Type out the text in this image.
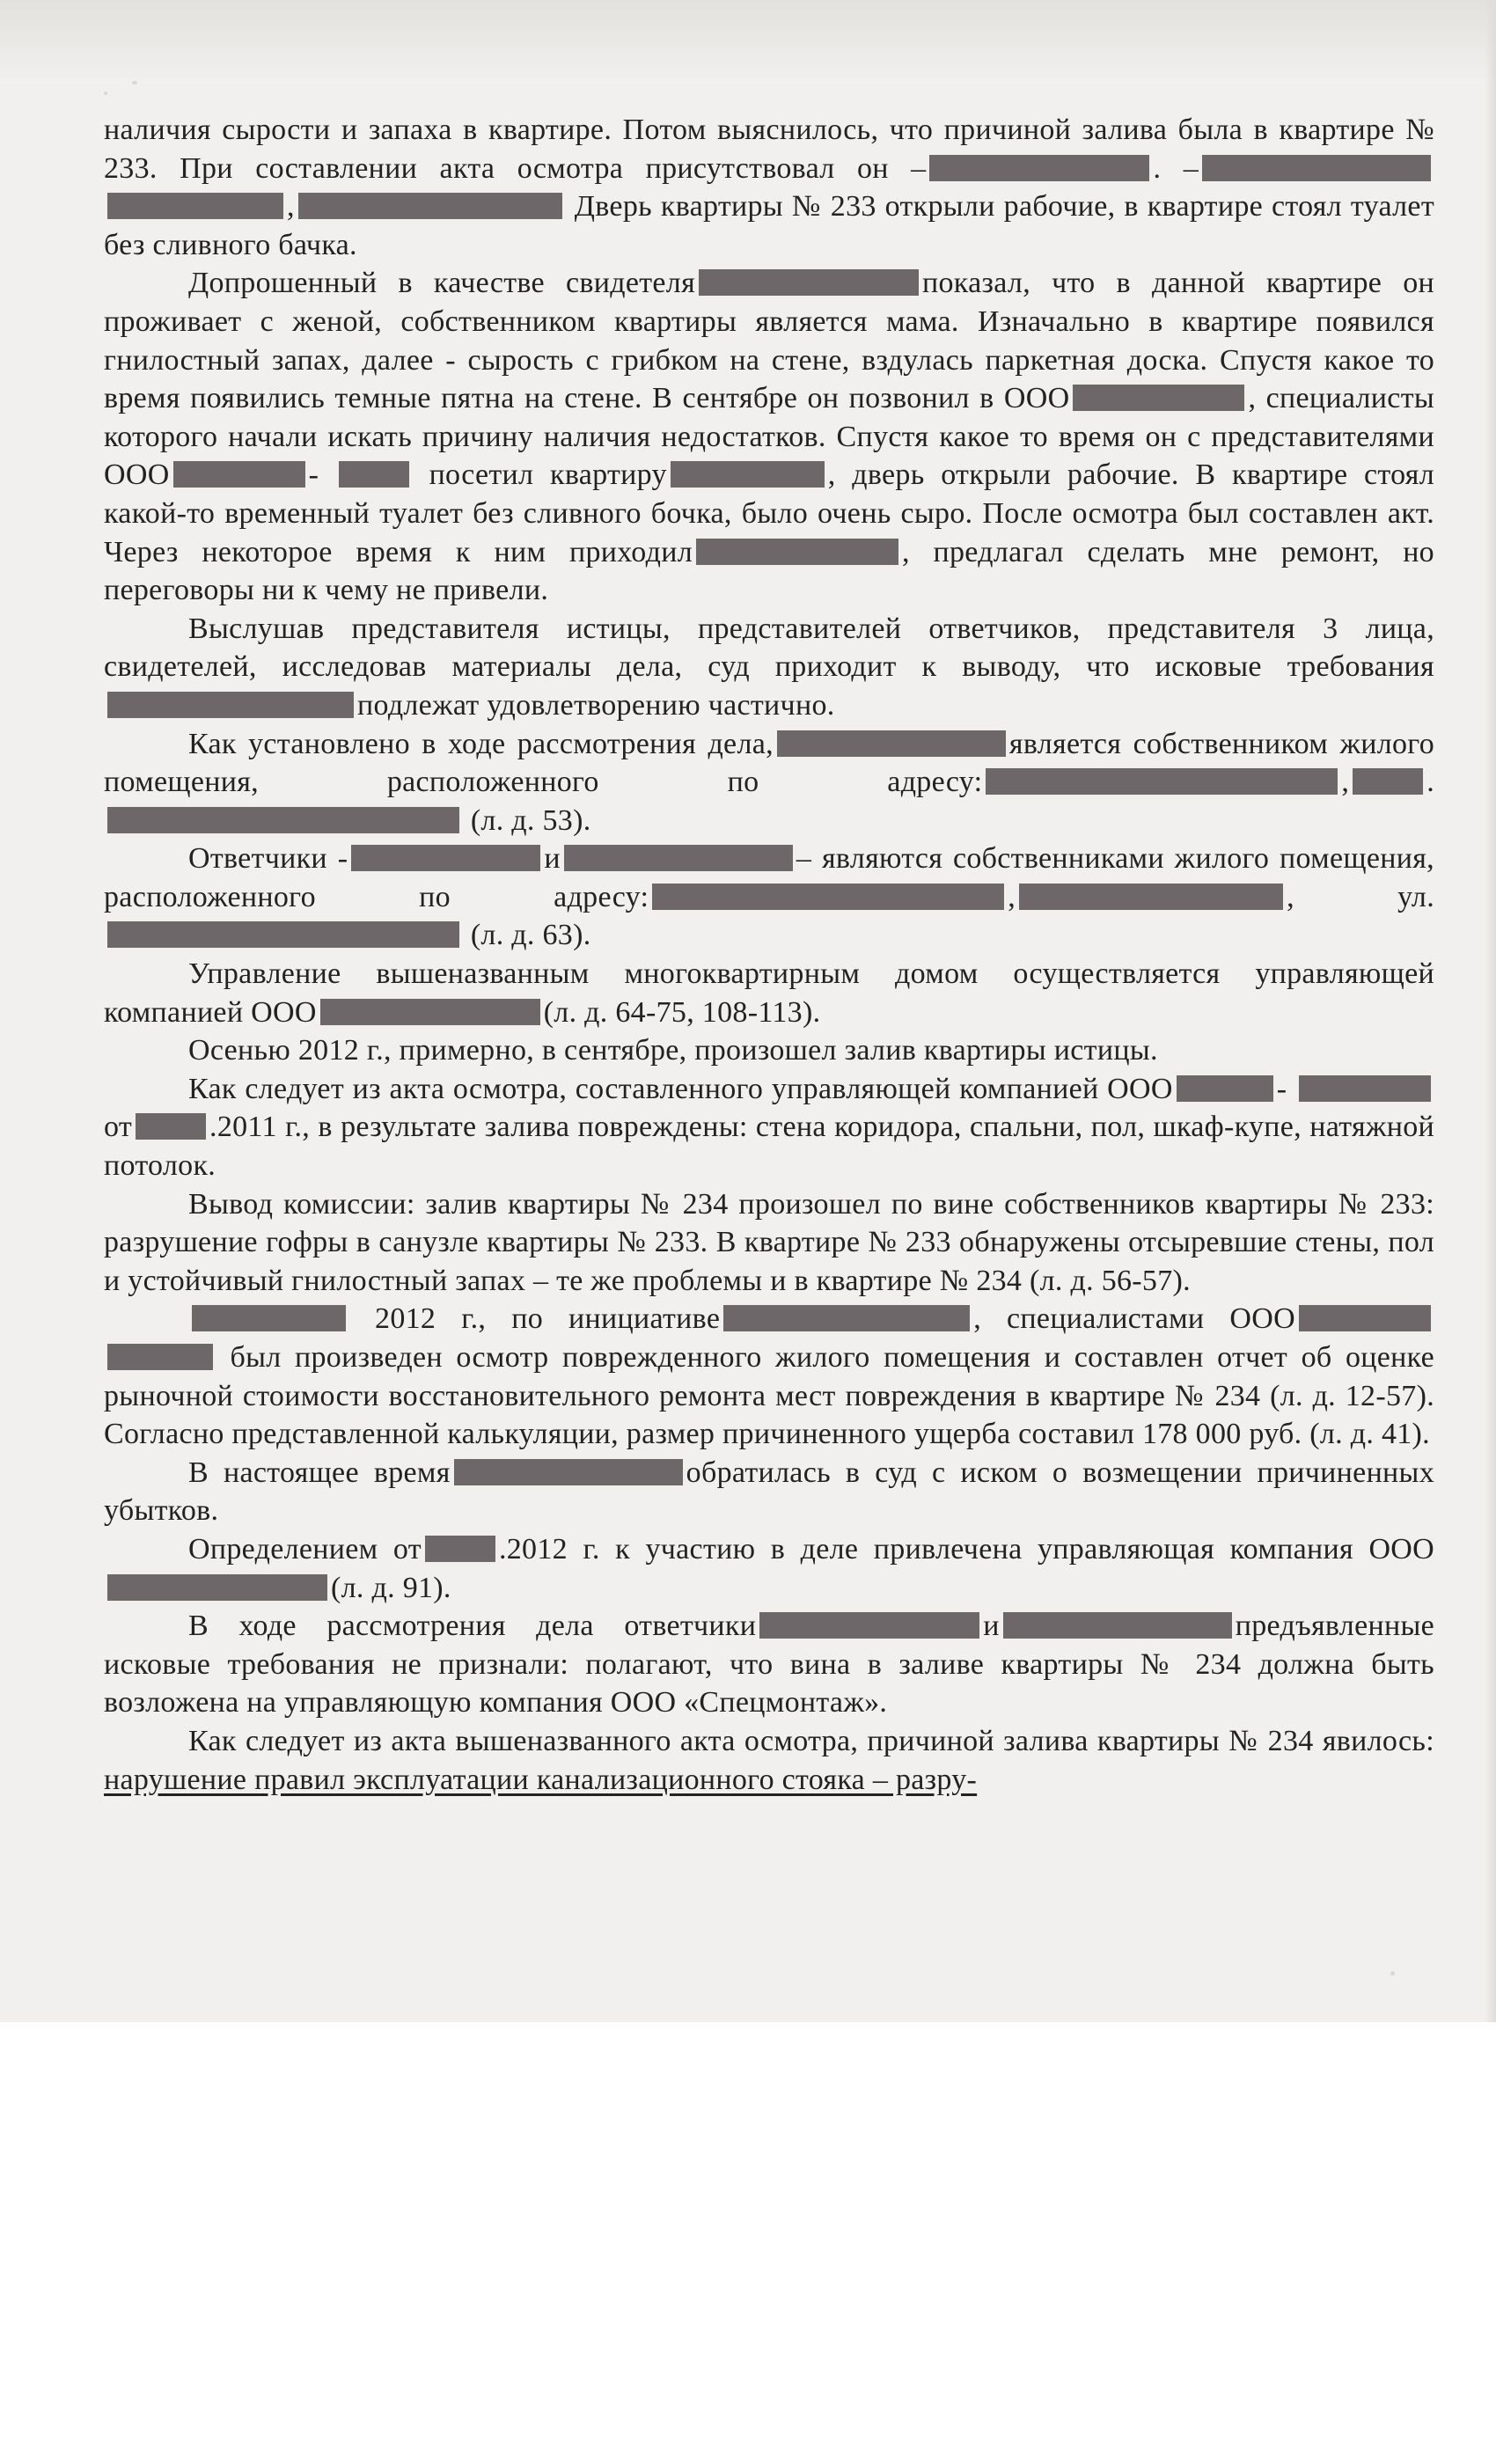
наличия сырости и запаха в квартире. Потом выяснилось, что причиной залива была в квартире № 233. При составлении акта осмотра присутствовал он –	. –,	Дверь квартиры № 233 открыли рабочие, в квартире стоял туалет без сливного бачка.

Допрошенный в качестве свидетеля	показал, что в данной квартире он проживает с женой, собственником квартиры является мама. Изначально в квартире появился гнилостный запах, далее - сырость с грибком на стене, вздулась паркетная доска. Спустя какое то время появились темные пятна на стене. В сентябре он позвонил в ООО	, специалисты которого начали искать причину наличия недостатков. Спустя какое то время он с представителями ООО	-	посетил квартиру	, дверь открыли рабочие. В квартире стоял какой-то временный туалет без сливного бочка, было очень сыро. После осмотра был составлен акт. Через некоторое время к ним приходил	, предлагал сделать мне ремонт, но переговоры ни к чему не привели.

Выслушав представителя истицы, представителей ответчиков, представителя 3 лица, свидетелей, исследовав материалы дела, суд приходит к выводу, что исковые требованияподлежат удовлетворению частично.

Как установлено в ходе рассмотрения дела,	является собственником жилого помещения, расположенного по адресу:	,	.  (л. д. 53).

Ответчики -	и	– являются собственниками жилого помещения, расположенного по адресу:	,	, ул. (л. д. 63).

Управление вышеназванным многоквартирным домом осуществляется управляющей компанией ООО	(л. д. 64-75, 108-113).

Осенью 2012 г., примерно, в сентябре, произошел залив квартиры истицы.

Как следует из акта осмотра, составленного управляющей компанией ООО	-  от	.2011 г., в результате залива повреждены: стена коридора, спальни, пол, шкаф-купе, натяжной потолок.

Вывод комиссии: залив квартиры № 234 произошел по вине собственников квартиры № 233: разрушение гофры в санузле квартиры № 233. В квартире № 233 обнаружены отсыревшие стены, пол и устойчивый гнилостный запах – те же проблемы и в квартире № 234 (л. д. 56-57).

2012 г., по инициативе	, специалистами ООО  был произведен осмотр поврежденного жилого помещения и составлен отчет об оценке рыночной стоимости восстановительного ремонта мест повреждения в квартире № 234 (л. д. 12-57). Согласно представленной калькуляции, размер причиненного ущерба составил 178 000 руб. (л. д. 41).

В настоящее время	обратилась в суд с иском о возмещении причиненных убытков.

Определением от	.2012 г. к участию в деле привлечена управляющая компания ООО(л. д. 91).

В ходе рассмотрения дела ответчики	и	предъявленные исковые требования не признали: полагают, что вина в заливе квартиры № 234 должна быть возложена на управляющую компания ООО «Спецмонтаж».

Как следует из акта вышеназванного акта осмотра, причиной залива квартиры № 234 явилось: нарушение правил эксплуатации канализационного стояка – разру-
